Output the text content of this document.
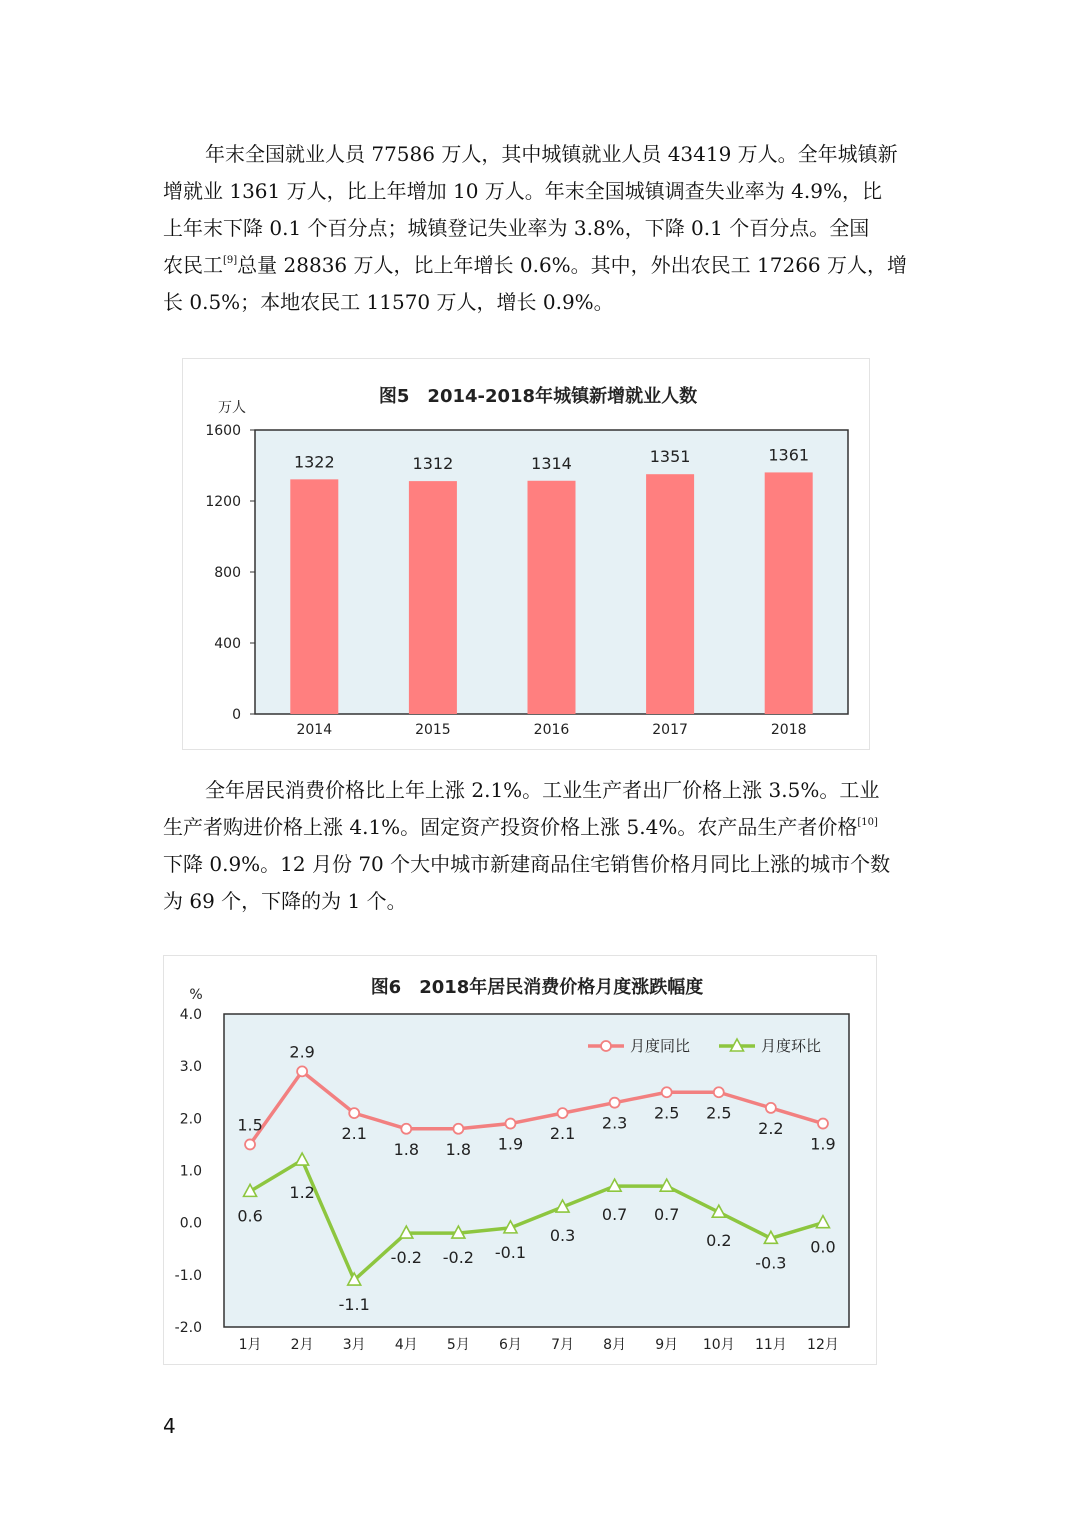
年末全国就业人员 77586 万人，其中城镇就业人员 43419 万人。全年城镇新
增就业 1361 万人，比上年增加 10 万人。年末全国城镇调查失业率为 4.9%，比
上年末下降 0.1 个百分点；城镇登记失业率为 3.8%，下降 0.1 个百分点。全国
农民工[9]总量 28836 万人，比上年增长 0.6%。其中，外出农民工 17266 万人，增
长 0.5%；本地农民工 11570 万人，增长 0.9%。
图5　2014-2018年城镇新增就业人数
万人
0
400
800
1200
1600
1322
2014
1312
2015
1314
2016
1351
2017
1361
2018
全年居民消费价格比上年上涨 2.1%。工业生产者出厂价格上涨 3.5%。工业
生产者购进价格上涨 4.1%。固定资产投资价格上涨 5.4%。农产品生产者价格[10]
下降 0.9%。12 月份 70 个大中城市新建商品住宅销售价格月同比上涨的城市个数
为 69 个，下降的为 1 个。
图6　2018年居民消费价格月度涨跌幅度
%
-2.0
-1.0
0.0
1.0
2.0
3.0
4.0
1月 2月 3月 4月 5月 6月 7月 8月 9月 10月 11月 12月
1.5
2.9
2.1
1.8 1.8 1.9
2.1
2.3
2.5 2.5
2.2
1.9
0.6
1.2
-1.1
-0.2 -0.2 -0.1
0.3
0.7 0.7
0.2
-0.3
0.0
月度同比	月度环比
4
